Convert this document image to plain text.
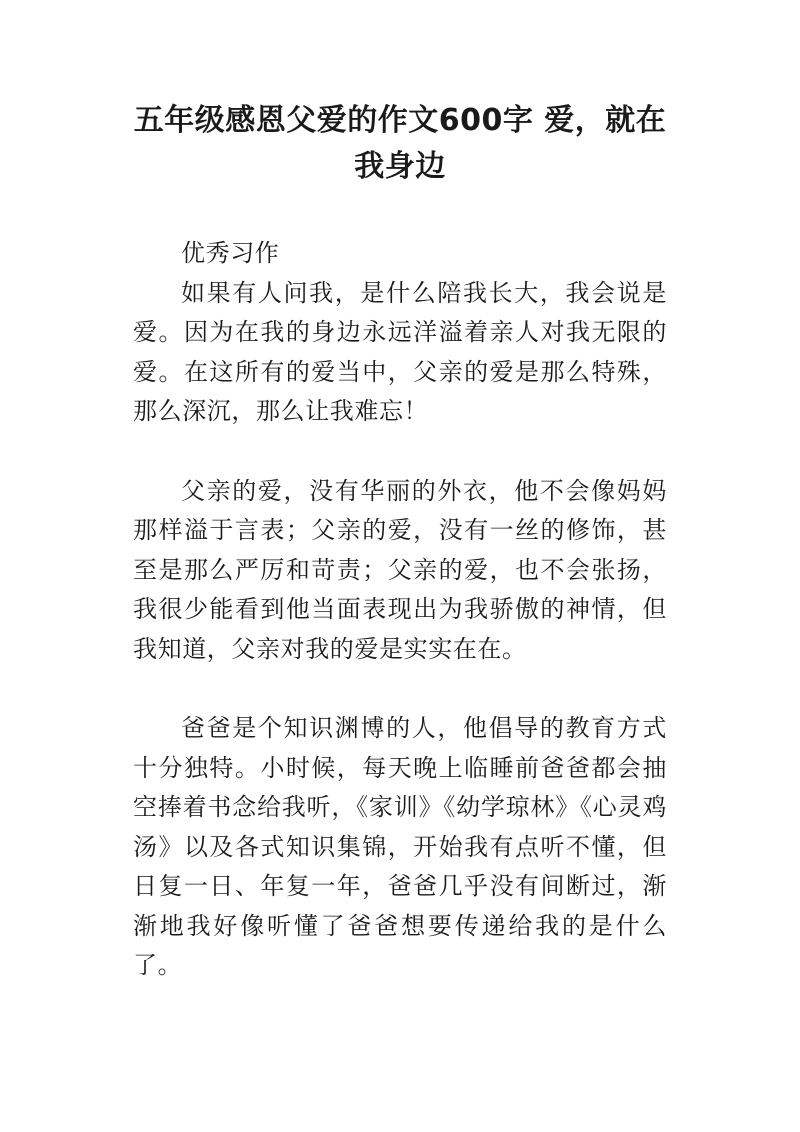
五年级感恩父爱的作文600字 爱，就在我身边

优秀习作

如果有人问我，是什么陪我长大，我会说是爱。因为在我的身边永远洋溢着亲人对我无限的爱。在这所有的爱当中，父亲的爱是那么特殊，那么深沉，那么让我难忘！

父亲的爱，没有华丽的外衣，他不会像妈妈那样溢于言表；父亲的爱，没有一丝的修饰，甚至是那么严厉和苛责；父亲的爱，也不会张扬，我很少能看到他当面表现出为我骄傲的神情，但我知道，父亲对我的爱是实实在在。

爸爸是个知识渊博的人，他倡导的教育方式十分独特。小时候，每天晚上临睡前爸爸都会抽空捧着书念给我听，《家训》《幼学琼林》《心灵鸡汤》以及各式知识集锦，开始我有点听不懂，但日复一日、年复一年，爸爸几乎没有间断过，渐渐地我好像听懂了爸爸想要传递给我的是什么了。
